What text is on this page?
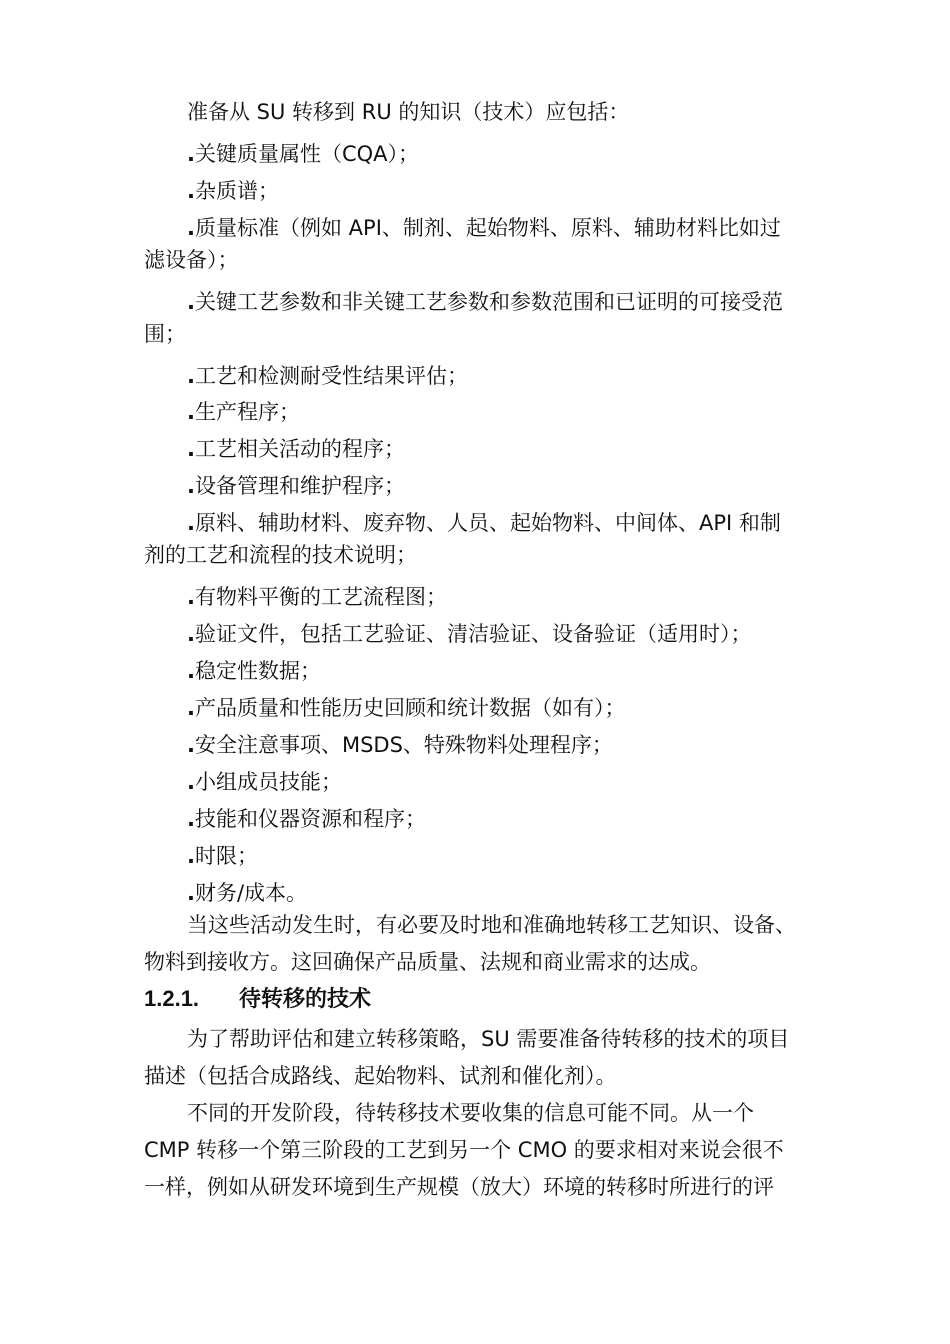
准备从 SU 转移到 RU 的知识（技术）应包括：
.关键质量属性（CQA）；
.杂质谱；
.质量标准（例如 API、制剂、起始物料、原料、辅助材料比如过
滤设备）；
.关键工艺参数和非关键工艺参数和参数范围和已证明的可接受范
围；
.工艺和检测耐受性结果评估；
.生产程序；
.工艺相关活动的程序；
.设备管理和维护程序；
.原料、辅助材料、废弃物、人员、起始物料、中间体、API 和制
剂的工艺和流程的技术说明；
.有物料平衡的工艺流程图；
.验证文件，包括工艺验证、清洁验证、设备验证（适用时）；
.稳定性数据；
.产品质量和性能历史回顾和统计数据（如有）；
.安全注意事项、MSDS、特殊物料处理程序；
.小组成员技能；
.技能和仪器资源和程序；
.时限；
.财务/成本。
当这些活动发生时，有必要及时地和准确地转移工艺知识、设备、
物料到接收方。这回确保产品质量、法规和商业需求的达成。
1.2.1. 待转移的技术
为了帮助评估和建立转移策略，SU 需要准备待转移的技术的项目
描述（包括合成路线、起始物料、试剂和催化剂）。
不同的开发阶段，待转移技术要收集的信息可能不同。从一个
CMP 转移一个第三阶段的工艺到另一个 CMO 的要求相对来说会很不
一样，例如从研发环境到生产规模（放大）环境的转移时所进行的评
